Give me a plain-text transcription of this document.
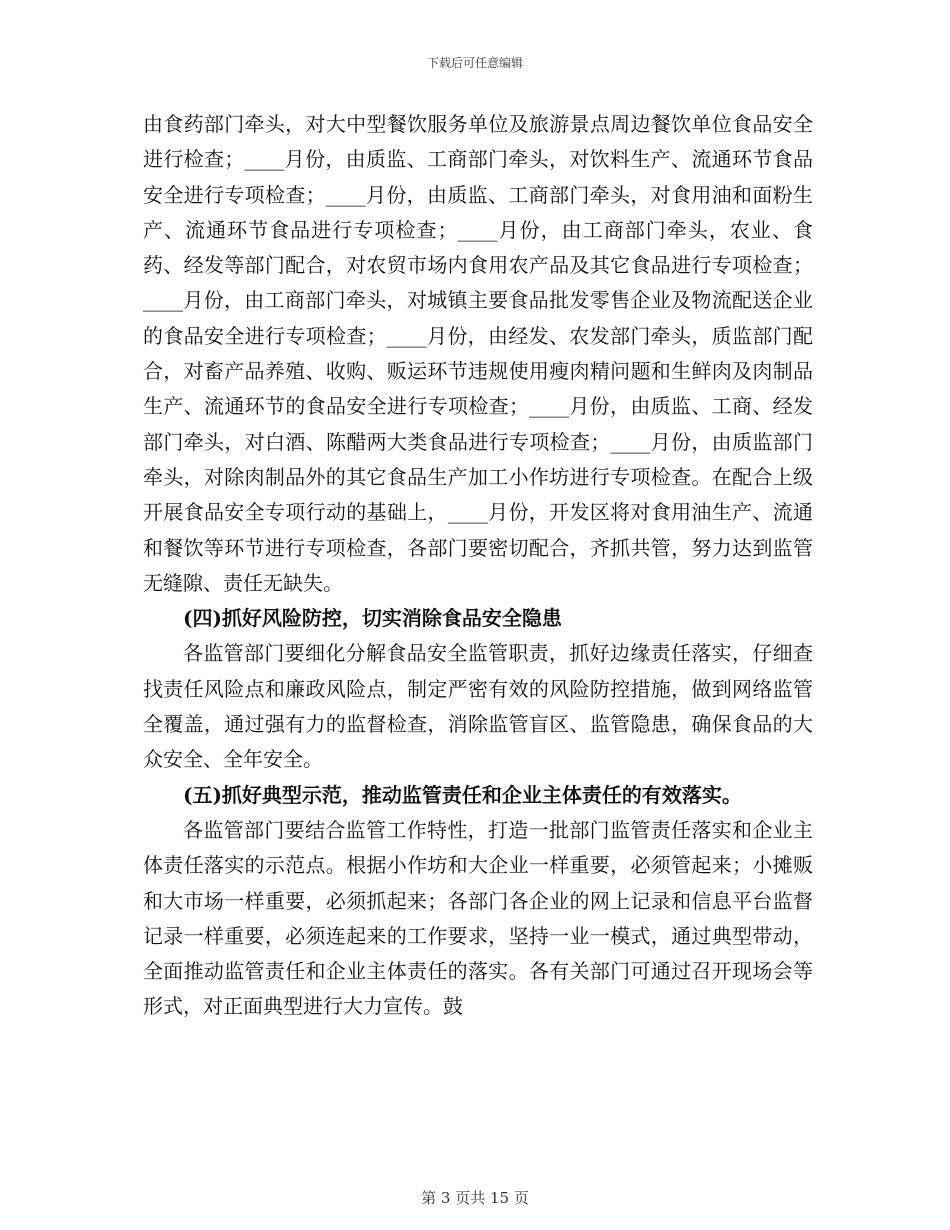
下载后可任意编辑

由食药部门牵头，对大中型餐饮服务单位及旅游景点周边餐饮单位食品安全进行检查；____月份，由质监、工商部门牵头，对饮料生产、流通环节食品安全进行专项检查；____月份，由质监、工商部门牵头，对食用油和面粉生产、流通环节食品进行专项检查；____月份，由工商部门牵头，农业、食药、经发等部门配合，对农贸市场内食用农产品及其它食品进行专项检查；____月份，由工商部门牵头，对城镇主要食品批发零售企业及物流配送企业的食品安全进行专项检查；____月份，由经发、农发部门牵头，质监部门配合，对畜产品养殖、收购、贩运环节违规使用瘦肉精问题和生鲜肉及肉制品生产、流通环节的食品安全进行专项检查；____月份，由质监、工商、经发部门牵头，对白酒、陈醋两大类食品进行专项检查；____月份，由质监部门牵头，对除肉制品外的其它食品生产加工小作坊进行专项检查。在配合上级开展食品安全专项行动的基础上，____月份，开发区将对食用油生产、流通和餐饮等环节进行专项检查，各部门要密切配合，齐抓共管，努力达到监管无缝隙、责任无缺失。

(四)抓好风险防控，切实消除食品安全隐患

各监管部门要细化分解食品安全监管职责，抓好边缘责任落实，仔细查找责任风险点和廉政风险点，制定严密有效的风险防控措施，做到网络监管全覆盖，通过强有力的监督检查，消除监管盲区、监管隐患，确保食品的大众安全、全年安全。

(五)抓好典型示范，推动监管责任和企业主体责任的有效落实。

各监管部门要结合监管工作特性，打造一批部门监管责任落实和企业主体责任落实的示范点。根据小作坊和大企业一样重要，必须管起来；小摊贩和大市场一样重要，必须抓起来；各部门各企业的网上记录和信息平台监督记录一样重要，必须连起来的工作要求，坚持一业一模式，通过典型带动，全面推动监管责任和企业主体责任的落实。各有关部门可通过召开现场会等形式，对正面典型进行大力宣传。鼓

第 3 页共 15 页
